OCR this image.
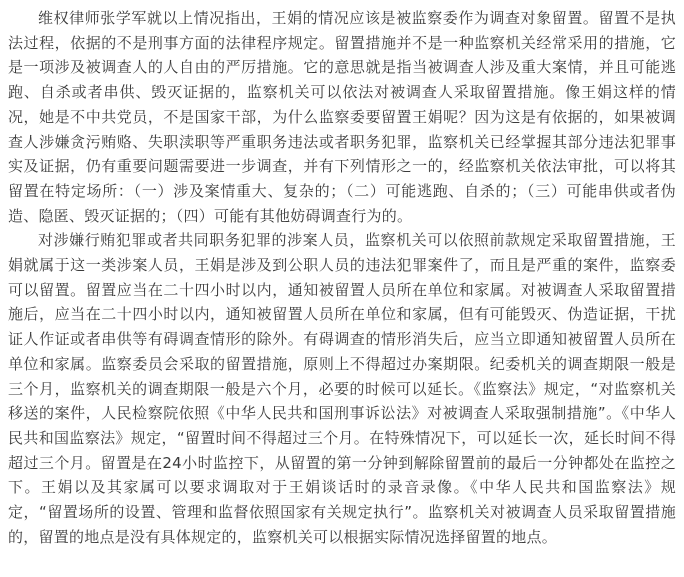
维权律师张学军就以上情况指出，王娟的情况应该是被监察委作为调查对象留置。留置不是执法过程，依据的不是刑事方面的法律程序规定。留置措施并不是一种监察机关经常采用的措施，它是一项涉及被调查人的人自由的严厉措施。它的意思就是指当被调查人涉及重大案情，并且可能逃跑、自杀或者串供、毁灭证据的，监察机关可以依法对被调查人采取留置措施。像王娟这样的情况，她是不中共党员，不是国家干部，为什么监察委要留置王娟呢？因为这是有依据的，如果被调查人涉嫌贪污贿赂、失职渎职等严重职务违法或者职务犯罪，监察机关已经掌握其部分违法犯罪事实及证据，仍有重要问题需要进一步调查，并有下列情形之一的，经监察机关依法审批，可以将其留置在特定场所：（一）涉及案情重大、复杂的；（二）可能逃跑、自杀的；（三）可能串供或者伪造、隐匿、毁灭证据的；（四）可能有其他妨碍调查行为的。

对涉嫌行贿犯罪或者共同职务犯罪的涉案人员，监察机关可以依照前款规定采取留置措施，王娟就属于这一类涉案人员，王娟是涉及到公职人员的违法犯罪案件了，而且是严重的案件，监察委可以留置。留置应当在二十四小时以内，通知被留置人员所在单位和家属。对被调查人采取留置措施后，应当在二十四小时以内，通知被留置人员所在单位和家属，但有可能毁灭、伪造证据，干扰证人作证或者串供等有碍调查情形的除外。有碍调查的情形消失后，应当立即通知被留置人员所在单位和家属。监察委员会采取的留置措施，原则上不得超过办案期限。纪委机关的调查期限一般是三个月，监察机关的调查期限一般是六个月，必要的时候可以延长。《监察法》规定，“对监察机关移送的案件，人民检察院依照《中华人民共和国刑事诉讼法》对被调查人采取强制措施”。《中华人民共和国监察法》规定，“留置时间不得超过三个月。在特殊情况下，可以延长一次，延长时间不得超过三个月。留置是在24小时监控下，从留置的第一分钟到解除留置前的最后一分钟都处在监控之下。王娟以及其家属可以要求调取对于王娟谈话时的录音录像。《中华人民共和国监察法》规定，“留置场所的设置、管理和监督依照国家有关规定执行”。监察机关对被调查人员采取留置措施的，留置的地点是没有具体规定的，监察机关可以根据实际情况选择留置的地点。
